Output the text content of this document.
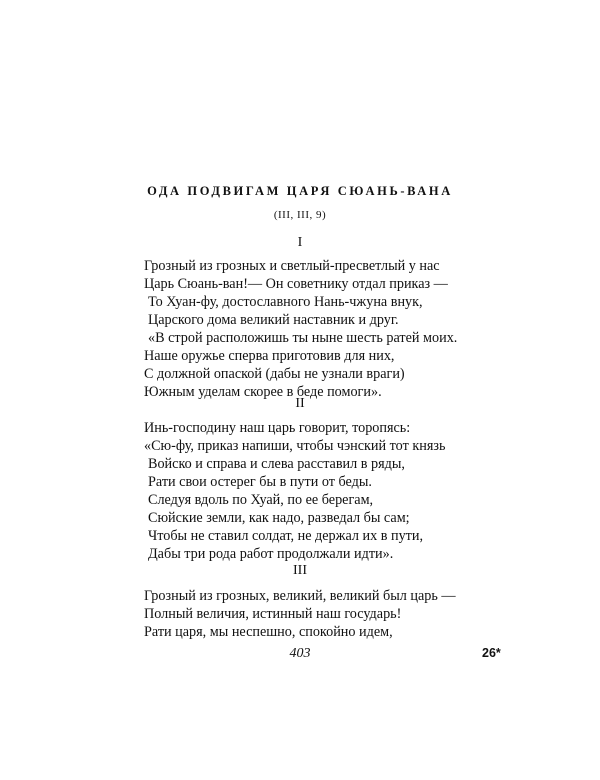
ОДА ПОДВИГАМ ЦАРЯ СЮАНЬ-ВАНА
(III, III, 9)
I
Грозный из грозных и светлый-пресветлый у нас
Царь Сюань-ван!— Он советнику отдал приказ —
То Хуан-фу, достославного Нань-чжуна внук,
Царского дома великий наставник и друг.
«В строй расположишь ты ныне шесть ратей моих.
Наше оружье сперва приготовив для них,
С должной опаской (дабы не узнали враги)
Южным уделам скорее в беде помоги».
II
Инь-господину наш царь говорит, торопясь:
«Сю-фу, приказ напиши, чтобы чэнский тот князь
Войско и справа и слева расставил в ряды,
Рати свои остерег бы в пути от беды.
Следуя вдоль по Хуай, по ее берегам,
Сюйские земли, как надо, разведал бы сам;
Чтобы не ставил солдат, не держал их в пути,
Дабы три рода работ продолжали идти».
III
Грозный из грозных, великий, великий был царь —
Полный величия, истинный наш государь!
Рати царя, мы неспешно, спокойно идем,
403	26*
